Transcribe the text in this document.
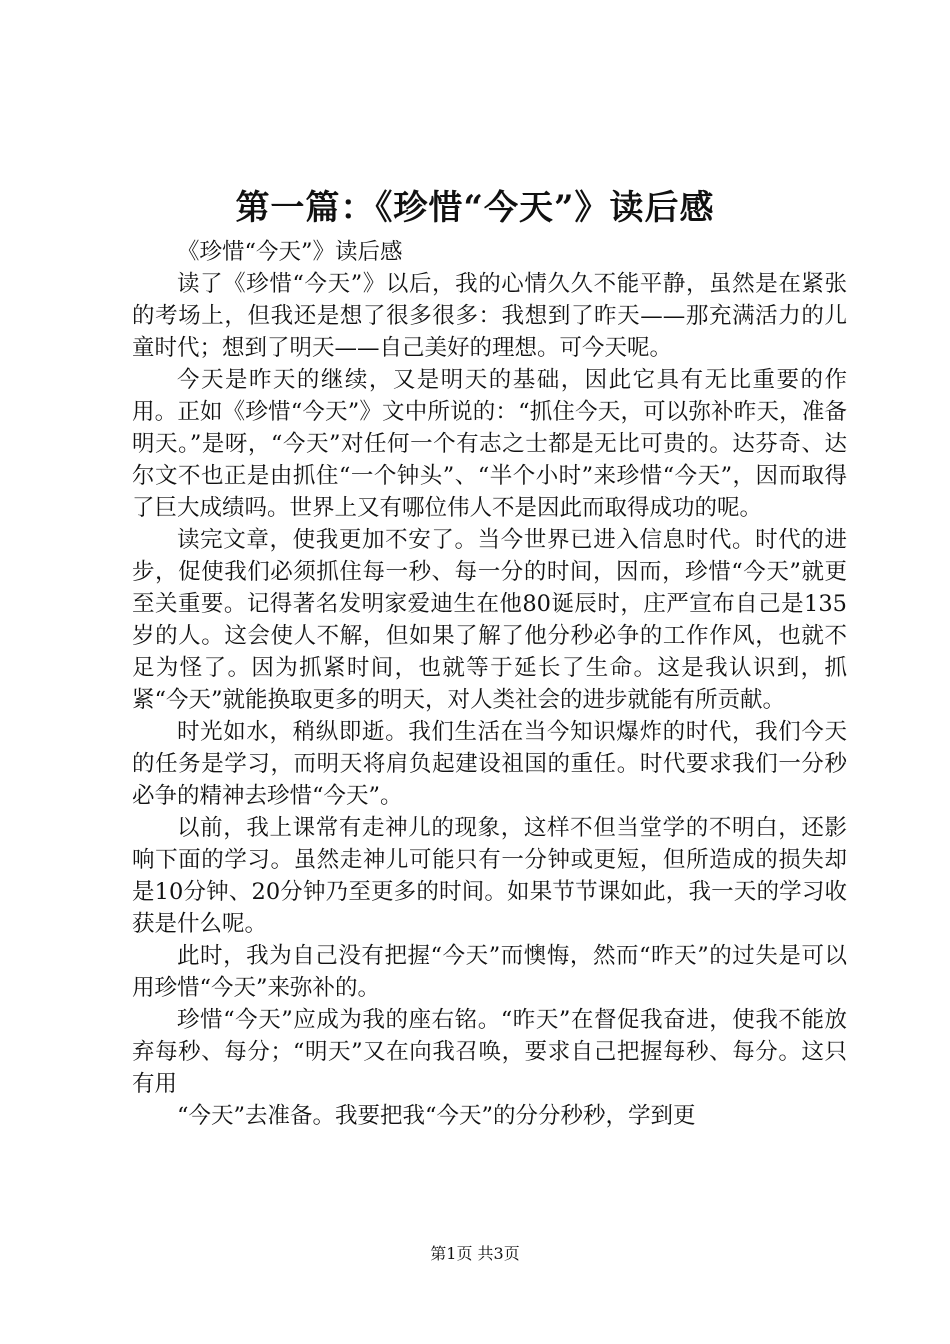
第一篇：《珍惜“今天”》读后感

《珍惜“今天”》读后感

读了《珍惜“今天”》以后，我的心情久久不能平静，虽然是在紧张的考场上，但我还是想了很多很多：我想到了昨天——那充满活力的儿童时代；想到了明天——自己美好的理想。可今天呢。

今天是昨天的继续，又是明天的基础，因此它具有无比重要的作用。正如《珍惜“今天”》文中所说的：“抓住今天，可以弥补昨天，准备明天。”是呀，“今天”对任何一个有志之士都是无比可贵的。达芬奇、达尔文不也正是由抓住“一个钟头”、“半个小时”来珍惜“今天”，因而取得了巨大成绩吗。世界上又有哪位伟人不是因此而取得成功的呢。

读完文章，使我更加不安了。当今世界已进入信息时代。时代的进步，促使我们必须抓住每一秒、每一分的时间，因而，珍惜“今天”就更至关重要。记得著名发明家爱迪生在他80诞辰时，庄严宣布自己是135岁的人。这会使人不解，但如果了解了他分秒必争的工作作风，也就不足为怪了。因为抓紧时间，也就等于延长了生命。这是我认识到，抓紧“今天”就能换取更多的明天，对人类社会的进步就能有所贡献。

时光如水，稍纵即逝。我们生活在当今知识爆炸的时代，我们今天的任务是学习，而明天将肩负起建设祖国的重任。时代要求我们一分秒必争的精神去珍惜“今天”。

以前，我上课常有走神儿的现象，这样不但当堂学的不明白，还影响下面的学习。虽然走神儿可能只有一分钟或更短，但所造成的损失却是10分钟、20分钟乃至更多的时间。如果节节课如此，我一天的学习收获是什么呢。

此时，我为自己没有把握“今天”而懊悔，然而“昨天”的过失是可以用珍惜“今天”来弥补的。

珍惜“今天”应成为我的座右铭。“昨天”在督促我奋进，使我不能放弃每秒、每分；“明天”又在向我召唤，要求自己把握每秒、每分。这只有用

“今天”去准备。我要把我“今天”的分分秒秒，学到更

第1页 共3页
